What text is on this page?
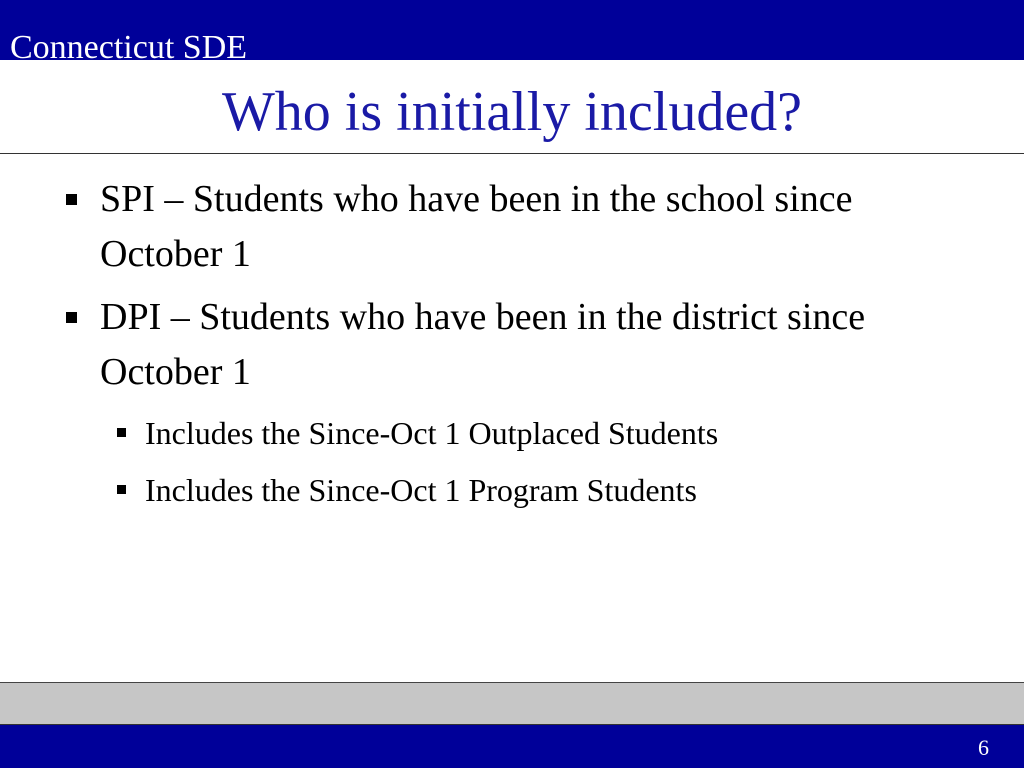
Connecticut SDE
Who is initially included?
SPI – Students who have been in the school since October 1
DPI – Students who have been in the district since October 1
Includes the Since-Oct 1 Outplaced Students
Includes the Since-Oct 1 Program Students
6
